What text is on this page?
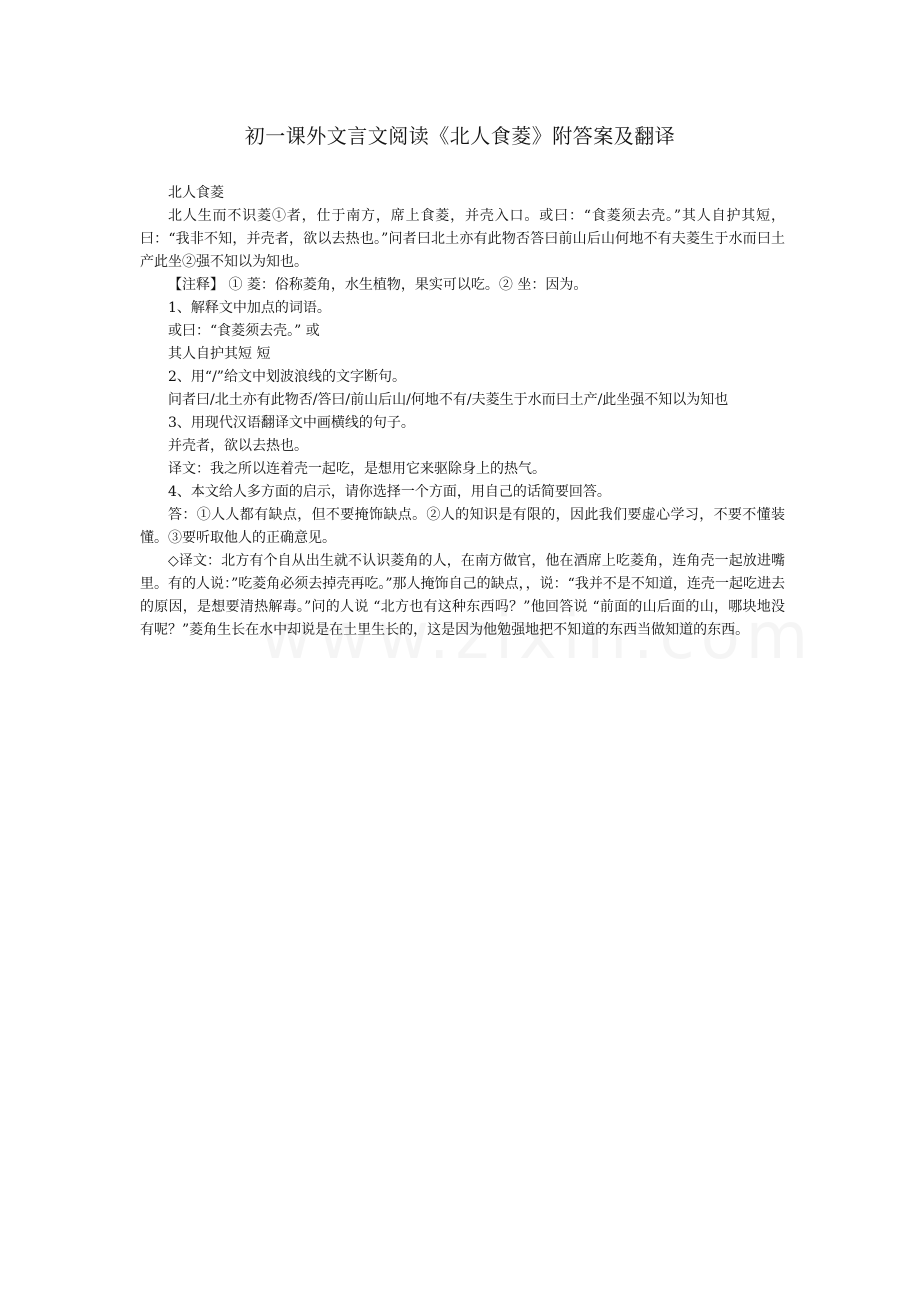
初一课外文言文阅读《北人食菱》附答案及翻译

北人食菱

北人生而不识菱①者，仕于南方，席上食菱，并壳入口。或曰：“食菱须去壳。”其人自护其短，曰：“我非不知，并壳者，欲以去热也。”问者曰北土亦有此物否答曰前山后山何地不有夫菱生于水而曰土产此坐②强不知以为知也。

【注释】 ① 菱：俗称菱角，水生植物，果实可以吃。② 坐：因为。

1、解释文中加点的词语。

或曰：“食菱须去壳。” 或

其人自护其短 短

2、用“/”给文中划波浪线的文字断句。

问者曰/北土亦有此物否/答曰/前山后山/何地不有/夫菱生于水而曰土产/此坐强不知以为知也

3、用现代汉语翻译文中画横线的句子。

并壳者，欲以去热也。

译文：我之所以连着壳一起吃，是想用它来驱除身上的热气。

4、本文给人多方面的启示，请你选择一个方面，用自己的话简要回答。

答：①人人都有缺点，但不要掩饰缺点。②人的知识是有限的，因此我们要虚心学习，不要不懂装懂。③要听取他人的正确意见。

◇译文：北方有个自从出生就不认识菱角的人，在南方做官，他在酒席上吃菱角，连角壳一起放进嘴里。有的人说：”吃菱角必须去掉壳再吃。”那人掩饰自己的缺点，，说：“我并不是不知道，连壳一起吃进去的原因，是想要清热解毒。”问的人说 “北方也有这种东西吗？”他回答说 “前面的山后面的山，哪块地没有呢？”菱角生长在水中却说是在土里生长的，这是因为他勉强地把不知道的东西当做知道的东西。
